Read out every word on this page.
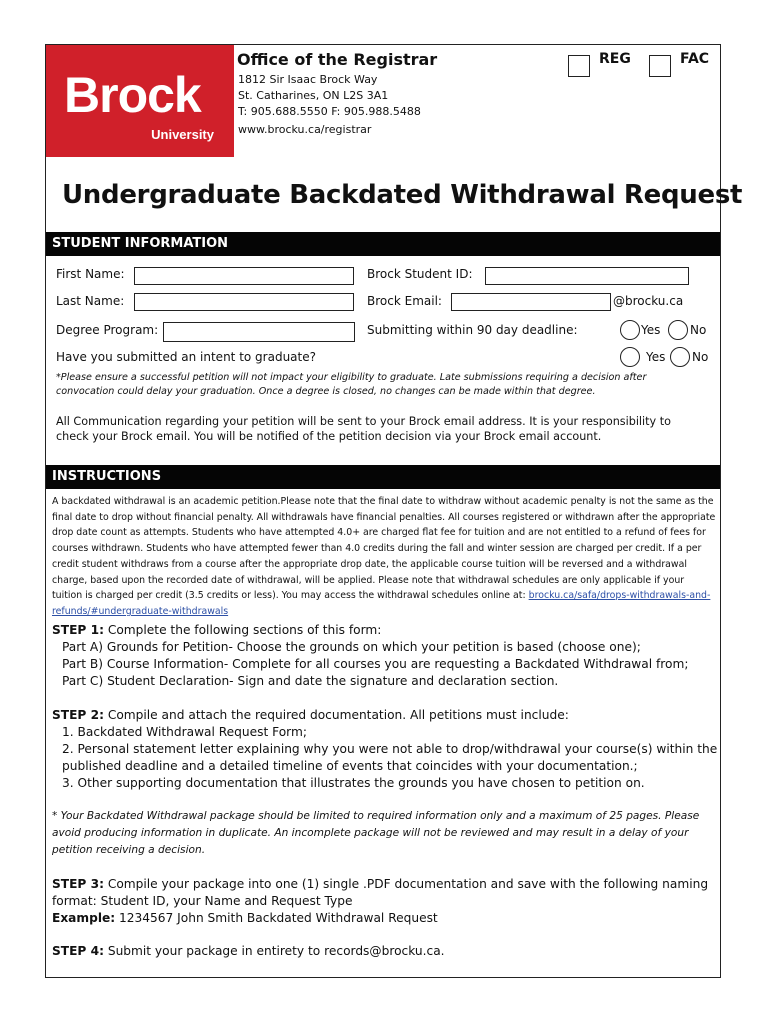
Brock
University
Office of the Registrar
1812 Sir Isaac Brock Way
St. Catharines, ON L2S 3A1
T: 905.688.5550 F: 905.988.5488
www.brocku.ca/registrar
REG	FAC
Undergraduate Backdated Withdrawal Request
STUDENT INFORMATION
First Name:	Brock Student ID:
Last Name:	Brock Email:	@brocku.ca
Degree Program:	Submitting within 90 day deadline:	Yes No
Have you submitted an intent to graduate?	Yes No
*Please ensure a successful petition will not impact your eligibility to graduate. Late submissions requiring a decision after convocation could delay your graduation. Once a degree is closed, no changes can be made within that degree.
All Communication regarding your petition will be sent to your Brock email address. It is your responsibility to check your Brock email. You will be notified of the petition decision via your Brock email account.
INSTRUCTIONS
A backdated withdrawal is an academic petition.Please note that the final date to withdraw without academic penalty is not the same as the final date to drop without financial penalty. All withdrawals have financial penalties. All courses registered or withdrawn after the appropriate drop date count as attempts. Students who have attempted 4.0+ are charged flat fee for tuition and are not entitled to a refund of fees for courses withdrawn. Students who have attempted fewer than 4.0 credits during the fall and winter session are charged per credit. If a per credit student withdraws from a course after the appropriate drop date, the applicable course tuition will be reversed and a withdrawal charge, based upon the recorded date of withdrawal, will be applied. Please note that withdrawal schedules are only applicable if your tuition is charged per credit (3.5 credits or less). You may access the withdrawal schedules online at: brocku.ca/safa/drops-withdrawals-and-refunds/#undergraduate-withdrawals
STEP 1: Complete the following sections of this form:
Part A) Grounds for Petition- Choose the grounds on which your petition is based (choose one);
Part B) Course Information- Complete for all courses you are requesting a Backdated Withdrawal from;
Part C) Student Declaration- Sign and date the signature and declaration section.
STEP 2: Compile and attach the required documentation. All petitions must include:
1. Backdated Withdrawal Request Form;
2. Personal statement letter explaining why you were not able to drop/withdrawal your course(s) within the published deadline and a detailed timeline of events that coincides with your documentation.;
3. Other supporting documentation that illustrates the grounds you have chosen to petition on.
* Your Backdated Withdrawal package should be limited to required information only and a maximum of 25 pages. Please avoid producing information in duplicate. An incomplete package will not be reviewed and may result in a delay of your petition receiving a decision.
STEP 3: Compile your package into one (1) single .PDF documentation and save with the following naming format: Student ID, your Name and Request Type
Example: 1234567 John Smith Backdated Withdrawal Request
STEP 4: Submit your package in entirety to records@brocku.ca.
